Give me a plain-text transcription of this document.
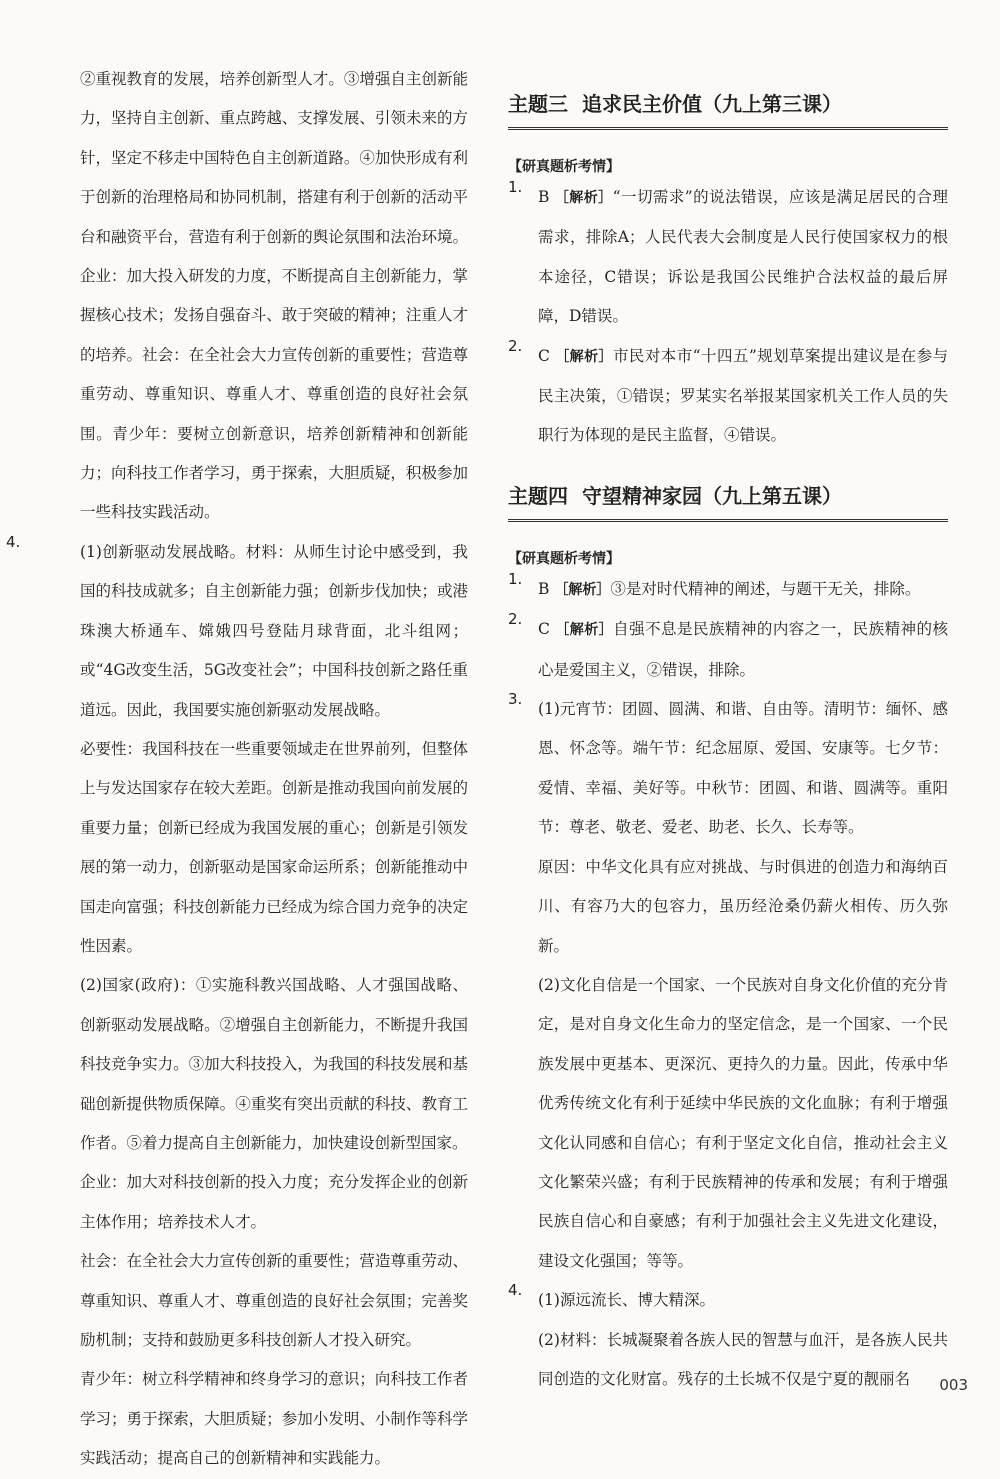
②重视教育的发展，培养创新型人才。③增强自主创新能力，坚持自主创新、重点跨越、支撑发展、引领未来的方针，坚定不移走中国特色自主创新道路。④加快形成有利于创新的治理格局和协同机制，搭建有利于创新的活动平台和融资平台，营造有利于创新的舆论氛围和法治环境。企业：加大投入研发的力度，不断提高自主创新能力，掌握核心技术；发扬自强奋斗、敢于突破的精神；注重人才的培养。社会：在全社会大力宣传创新的重要性；营造尊重劳动、尊重知识、尊重人才、尊重创造的良好社会氛围。青少年：要树立创新意识，培养创新精神和创新能力；向科技工作者学习，勇于探索，大胆质疑，积极参加一些科技实践活动。

4.

(1)创新驱动发展战略。材料：从师生讨论中感受到，我国的科技成就多；自主创新能力强；创新步伐加快；或港珠澳大桥通车、嫦娥四号登陆月球背面，北斗组网；或“4G改变生活，5G改变社会”；中国科技创新之路任重道远。因此，我国要实施创新驱动发展战略。

必要性：我国科技在一些重要领域走在世界前列，但整体上与发达国家存在较大差距。创新是推动我国向前发展的重要力量；创新已经成为我国发展的重心；创新是引领发展的第一动力，创新驱动是国家命运所系；创新能推动中国走向富强；科技创新能力已经成为综合国力竞争的决定性因素。

(2)国家(政府)：①实施科教兴国战略、人才强国战略、创新驱动发展战略。②增强自主创新能力，不断提升我国科技竞争实力。③加大科技投入，为我国的科技发展和基础创新提供物质保障。④重奖有突出贡献的科技、教育工作者。⑤着力提高自主创新能力，加快建设创新型国家。

企业：加大对科技创新的投入力度；充分发挥企业的创新主体作用；培养技术人才。

社会：在全社会大力宣传创新的重要性；营造尊重劳动、尊重知识、尊重人才、尊重创造的良好社会氛围；完善奖励机制；支持和鼓励更多科技创新人才投入研究。

青少年：树立科学精神和终身学习的意识；向科技工作者学习；勇于探索，大胆质疑；参加小发明、小制作等科学实践活动；提高自己的创新精神和实践能力。

主题三 追求民主价值（九上第三课）
【研真题析考情】
1.

B ［解析］“一切需求”的说法错误，应该是满足居民的合理需求，排除A；人民代表大会制度是人民行使国家权力的根本途径，C错误；诉讼是我国公民维护合法权益的最后屏障，D错误。

2.

C ［解析］市民对本市“十四五”规划草案提出建议是在参与民主决策，①错误；罗某实名举报某国家机关工作人员的失职行为体现的是民主监督，④错误。

主题四 守望精神家园（九上第五课）
【研真题析考情】
1.

B ［解析］③是对时代精神的阐述，与题干无关，排除。

2.

C ［解析］自强不息是民族精神的内容之一，民族精神的核心是爱国主义，②错误，排除。

3.

(1)元宵节：团圆、圆满、和谐、自由等。清明节：缅怀、感恩、怀念等。端午节：纪念屈原、爱国、安康等。七夕节：爱情、幸福、美好等。中秋节：团圆、和谐、圆满等。重阳节：尊老、敬老、爱老、助老、长久、长寿等。

原因：中华文化具有应对挑战、与时俱进的创造力和海纳百川、有容乃大的包容力，虽历经沧桑仍薪火相传、历久弥新。

(2)文化自信是一个国家、一个民族对自身文化价值的充分肯定，是对自身文化生命力的坚定信念，是一个国家、一个民族发展中更基本、更深沉、更持久的力量。因此，传承中华优秀传统文化有利于延续中华民族的文化血脉；有利于增强文化认同感和自信心；有利于坚定文化自信，推动社会主义文化繁荣兴盛；有利于民族精神的传承和发展；有利于增强民族自信心和自豪感；有利于加强社会主义先进文化建设，建设文化强国；等等。

4.

(1)源远流长、博大精深。

(2)材料：长城凝聚着各族人民的智慧与血汗，是各族人民共同创造的文化财富。残存的土长城不仅是宁夏的靓丽名	003
